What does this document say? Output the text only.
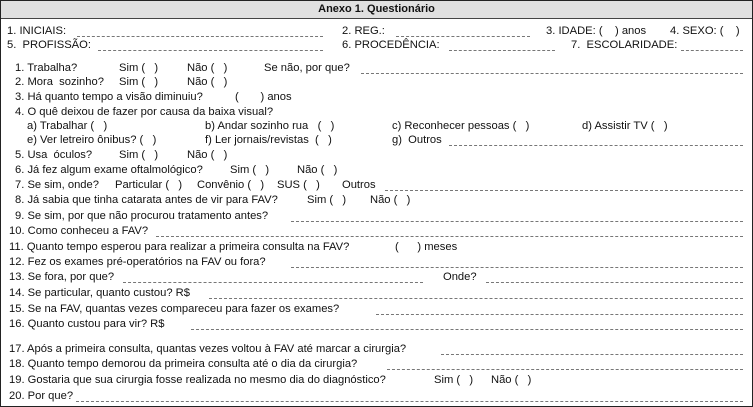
Anexo 1. Questionário
1. INICIAIS:	2. REG.:	3. IDADE: (    ) anos 4. SEXO: (    )
5.  PROFISSÃO:	6. PROCEDÊNCIA:	7.  ESCOLARIDADE:
1. Trabalha?	Sim (   )	Não (   )	Se não, por que?
2. Mora  sozinho? Sim (   )	Não (   )
3. Há quanto tempo a visão diminuiu?	(       ) anos
4. O quê deixou de fazer por causa da baixa visual?
a) Trabalhar (   )	b) Andar sozinho rua   (   )	c) Reconhecer pessoas (   )	d) Assistir TV (   )
e) Ver letreiro ônibus? (   )	f) Ler jornais/revistas  (   )	g)  Outros
5. Usa  óculos? Sim (   )	Não (   )
6. Já fez algum exame oftalmológico? Sim (   ) Não (   )
7. Se sim, onde? Particular (   ) Convênio (   ) SUS (   ) Outros
8. Já sabia que tinha catarata antes de vir para FAV?	Sim (   ) Não (   )
9. Se sim, por que não procurou tratamento antes?
10. Como conheceu a FAV?
11. Quanto tempo esperou para realizar a primeira consulta na FAV?	(      ) meses
12. Fez os exames pré-operatórios na FAV ou fora?
13. Se fora, por que?	Onde?
14. Se particular, quanto custou? R$
15. Se na FAV, quantas vezes compareceu para fazer os exames?
16. Quanto custou para vir? R$
17. Após a primeira consulta, quantas vezes voltou à FAV até marcar a cirurgia?
18. Quanto tempo demorou da primeira consulta até o dia da cirurgia?
19. Gostaria que sua cirurgia fosse realizada no mesmo dia do diagnóstico?	Sim (   ) Não (   )
20. Por que?
